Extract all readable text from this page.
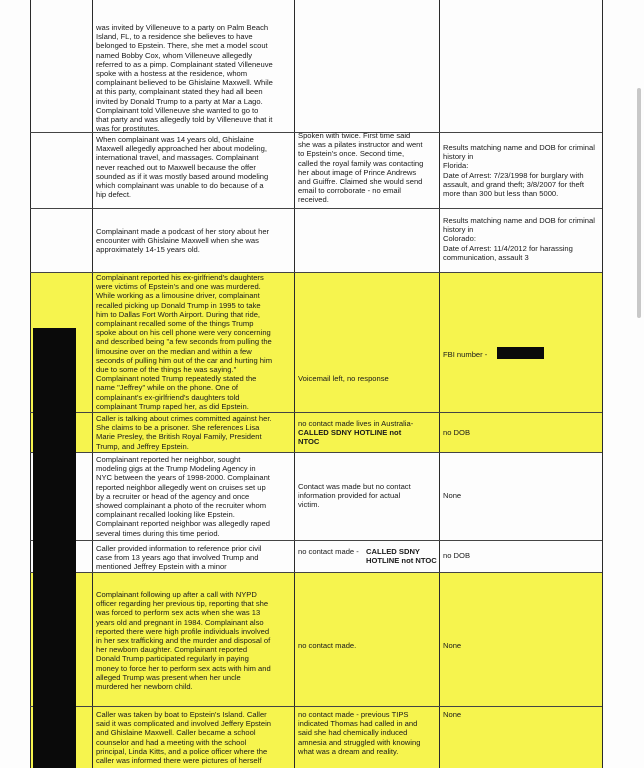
was invited by Villeneuve to a party on Palm Beach
Island, FL, to a residence she believes to have
belonged to Epstein. There, she met a model scout
named Bobby Cox, whom Villeneuve allegedly
referred to as a pimp. Complainant stated Villeneuve
spoke with a hostess at the residence, whom
complainant believed to be Ghislaine Maxwell. While
at this party, complainant stated they had all been
invited by Donald Trump to a party at Mar a Lago.
Complainant told Villeneuve she wanted to go to
that party and was allegedly told by Villeneuve that it
was for prostitutes.
When complainant was 14 years old, Ghislaine
Maxwell allegedly approached her about modeling,
international travel, and massages. Complainant
never reached out to Maxwell because the offer
sounded as if it was mostly based around modeling
which complainant was unable to do because of a
hip defect.
Spoken with twice. First time said
she was a pilates instructor and went
to Epstein's once. Second time,
called the royal family was contacting
her about image of Prince Andrews
and Guiffre. Claimed she would send
email to corroborate - no email
received.
Results matching name and DOB for criminal
history in
Florida:
Date of Arrest: 7/23/1998 for burglary with
assault, and grand theft; 3/8/2007 for theft
more than 300 but less than 5000.
Complainant made a podcast of her story about her
encounter with Ghislaine Maxwell when she was
approximately 14-15 years old.
Results matching name and DOB for criminal
history in
Colorado:
Date of Arrest: 11/4/2012 for harassing
communication, assault 3
Complainant reported his ex-girlfriend's daughters
were victims of Epstein's and one was murdered.
While working as a limousine driver, complainant
recalled picking up Donald Trump in 1995 to take
him to Dallas Fort Worth Airport. During that ride,
complainant recalled some of the things Trump
spoke about on his cell phone were very concerning
and described being "a few seconds from pulling the
limousine over on the median and within a few
seconds of pulling him out of the car and hurting him
due to some of the things he was saying."
Complainant noted Trump repeatedly stated the
name "Jeffrey" while on the phone. One of
complainant's ex-girlfriend's daughters told
complainant Trump raped her, as did Epstein.
Voicemail left, no response
FBI number -
Caller is talking about crimes committed against her.
She claims to be a prisoner. She references Lisa
Marie Presley, the British Royal Family, President
Trump, and Jeffrey Epstein.
no contact made lives in Australia-
CALLED SDNY HOTLINE not
NTOC
no DOB
Complainant reported her neighbor, sought
modeling gigs at the Trump Modeling Agency in
NYC between the years of 1998-2000. Complainant
reported neighbor allegedly went on cruises set up
by a recruiter or head of the agency and once
showed complainant a photo of the recruiter whom
complainant recalled looking like Epstein.
Complainant reported neighbor was allegedly raped
several times during this time period.
Contact was made but no contact
information provided for actual
victim.
None
Caller provided information to reference prior civil
case from 13 years ago that involved Trump and
mentioned Jeffrey Epstein with a minor
no contact made - CALLED SDNY
HOTLINE not NTOC
no DOB
Complainant following up after a call with NYPD
officer regarding her previous tip, reporting that she
was forced to perform sex acts when she was 13
years old and pregnant in 1984. Complainant also
reported there were high profile individuals involved
in her sex trafficking and the murder and disposal of
her newborn daughter. Complainant reported
Donald Trump participated regularly in paying
money to force her to perform sex acts with him and
alleged Trump was present when her uncle
murdered her newborn child.
no contact made.	None
Caller was taken by boat to Epstein's Island. Caller
said it was complicated and involved Jeffery Epstein
and Ghislaine Maxwell. Caller became a school
counselor and had a meeting with the school
principal, Linda Kitts, and a police officer where the
caller was informed there were pictures of herself
no contact made - previous TIPS
indicated Thomas had called in and
said she had chemically induced
amnesia and struggled with knowing
what was a dream and reality.
None
